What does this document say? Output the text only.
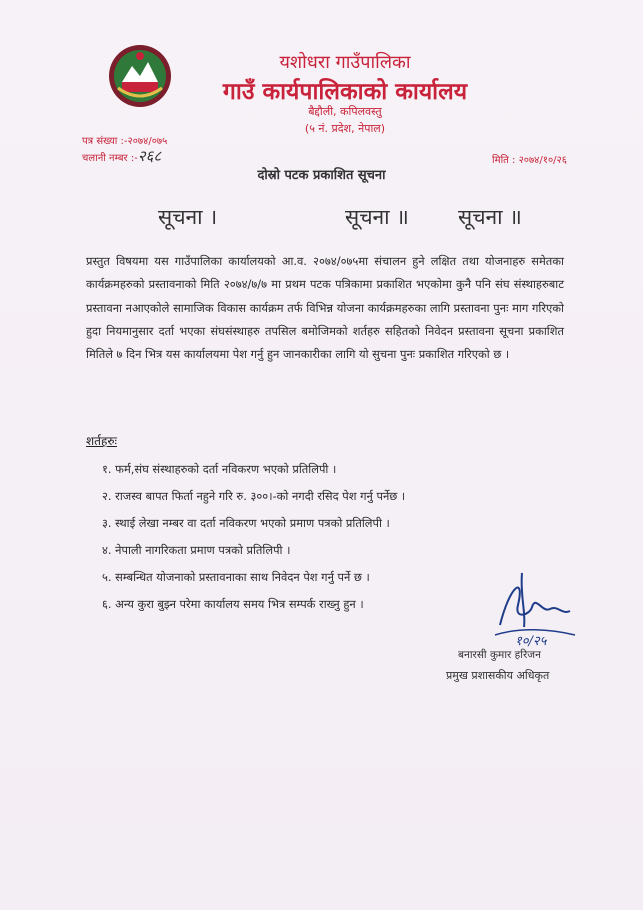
यशोधरा गाउँपालिका
गाउँ कार्यपालिकाको कार्यालय
बैद्दौली, कपिलवस्तु
(५ नं. प्रदेश, नेपाल)
पत्र संख्या :-२०७४/०७५
चलानी नम्बर :-२६८	मिति : २०७४/१०/२६
दोस्रो पटक प्रकाशित सूचना
सूचना ।	सूचना ॥ सूचना ॥
प्रस्तुत विषयमा यस गाउँपालिका कार्यालयको आ.व. २०७४/०७५मा संचालन हुने लक्षित तथा योजनाहरु समेतका कार्यक्रमहरुको प्रस्तावनाको मिति २०७४/७/७ मा प्रथम पटक पत्रिकामा प्रकाशित भएकोमा कुनै पनि संघ संस्थाहरुबाट प्रस्तावना नआएकोले सामाजिक विकास कार्यक्रम तर्फ विभिन्न योजना कार्यक्रमहरुका लागि प्रस्तावना पुनः माग गरिएको हुदा नियमानुसार दर्ता भएका संघसंस्थाहरु तपसिल बमोजिमको शर्तहरु सहितको निवेदन प्रस्तावना सूचना प्रकाशित मितिले ७ दिन भित्र यस कार्यालयमा पेश गर्नु हुन जानकारीका लागि यो सुचना पुनः प्रकाशित गरिएको छ ।
शर्तहरुः
१. फर्म,संघ संस्थाहरुको दर्ता नविकरण भएको प्रतिलिपी ।
२. राजस्व बापत फिर्ता नहुने गरि रु. ३००।-को नगदी रसिद पेश गर्नु पर्नेछ ।
३. स्थाई लेखा नम्बर वा दर्ता नविकरण भएको प्रमाण पत्रको प्रतिलिपी ।
४. नेपाली नागरिकता प्रमाण पत्रको प्रतिलिपी ।
५. सम्बन्धित योजनाको प्रस्तावनाका साथ निवेदन पेश गर्नु पर्ने छ ।
६. अन्य कुरा बुझ्न परेमा कार्यालय समय भित्र सम्पर्क राख्नु हुन ।
१०/२५
बनारसी कुमार हरिजन
प्रमुख प्रशासकीय अधिकृत
